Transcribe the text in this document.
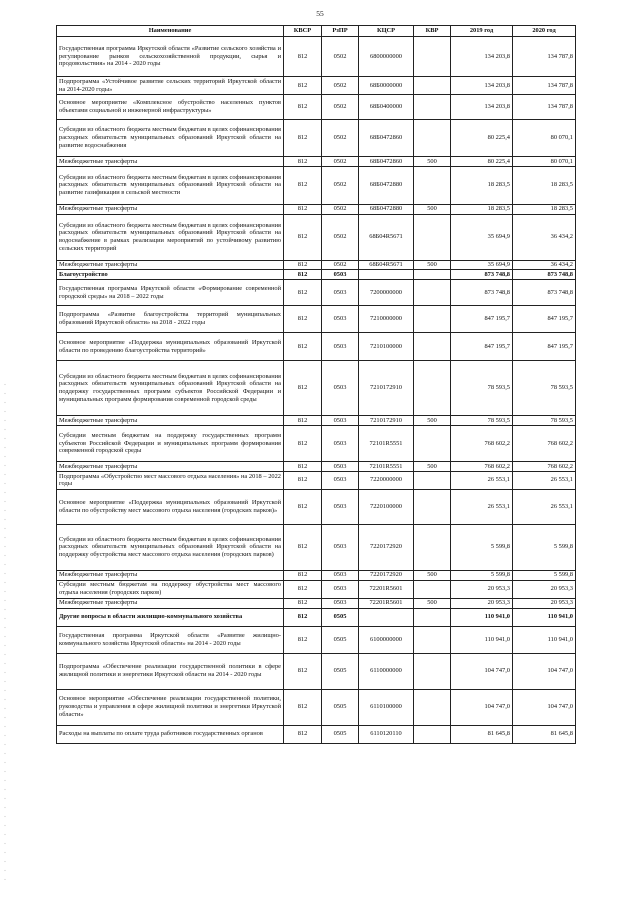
55
Наименование	КВСР	РзПР	КЦСР	КВР	2019 год	2020 год
Государственная программа Иркутской области «Развитие сельского хозяйства и регулирование рынков сельскохозяйственной продукции, сырья и продовольствия» на 2014 - 2020 годы	812	0502	6800000000		134 203,8	134 787,8
Подпрограмма «Устойчивое развитие сельских территорий Иркутской области на 2014-2020 годы»	812	0502	68Б0000000		134 203,8	134 787,8
Основное мероприятие «Комплексное обустройство населенных пунктов объектами социальной и инженерной инфраструктуры»	812	0502	68Б0400000		134 203,8	134 787,8
Субсидии из областного бюджета местным бюджетам в целях софинансирования расходных обязательств муниципальных образований Иркутской области на развитие водоснабжения	812	0502	68Б0472860		80 225,4	80 070,1
Межбюджетные трансферты	812	0502	68Б0472860	500	80 225,4	80 070,1
Субсидии из областного бюджета местным бюджетам в целях софинансирования расходных обязательств муниципальных образований Иркутской области на развитие газификации в сельской местности	812	0502	68Б0472880		18 283,5	18 283,5
Межбюджетные трансферты	812	0502	68Б0472880	500	18 283,5	18 283,5
Субсидии из областного бюджета местным бюджетам в целях софинансирования расходных обязательств муниципальных образований Иркутской области на водоснабжение в рамках реализации мероприятий по устойчивому развитию сельских территорий	812	0502	68Б04R5671		35 694,9	36 434,2
Межбюджетные трансферты	812	0502	68Б04R5671	500	35 694,9	36 434,2
Благоустройство	812	0503			873 748,8	873 748,8
Государственная программа Иркутской области «Формирование современной городской среды» на 2018 – 2022 годы	812	0503	7200000000		873 748,8	873 748,8
Подпрограмма «Развитие благоустройства территорий муниципальных образований Иркутской области» на 2018 - 2022 годы	812	0503	7210000000		847 195,7	847 195,7
Основное мероприятие «Поддержка муниципальных образований Иркутской области по проведению благоустройства территорий»	812	0503	7210100000		847 195,7	847 195,7
Субсидии из областного бюджета местным бюджетам в целях софинансирования расходных обязательств муниципальных образований Иркутской области на поддержку государственных программ субъектов Российской Федерации и муниципальных программ формирования современной городской среды	812	0503	7210172910		78 593,5	78 593,5
Межбюджетные трансферты	812	0503	7210172910	500	78 593,5	78 593,5
Субсидии местным бюджетам на поддержку государственных программ субъектов Российской Федерации и муниципальных программ формирования современной городской среды	812	0503	72101R5551		768 602,2	768 602,2
Межбюджетные трансферты	812	0503	72101R5551	500	768 602,2	768 602,2
Подпрограмма «Обустройство мест массового отдыха населения» на 2018 – 2022 годы	812	0503	7220000000		26 553,1	26 553,1
Основное мероприятие «Поддержка муниципальных образований Иркутской области по обустройству мест массового отдыха населения (городских парков)»	812	0503	7220100000		26 553,1	26 553,1
Субсидии из областного бюджета местным бюджетам в целях софинансирования расходных обязательств муниципальных образований Иркутской области на поддержку обустройства мест массового отдыха населения (городских парков)	812	0503	7220172920		5 599,8	5 599,8
Межбюджетные трансферты	812	0503	7220172920	500	5 599,8	5 599,8
Субсидии местным бюджетам на поддержку обустройства мест массового отдыха населения (городских парков)	812	0503	72201R5601		20 953,3	20 953,3
Межбюджетные трансферты	812	0503	72201R5601	500	20 953,3	20 953,3
Другие вопросы в области жилищно-коммунального хозяйства	812	0505			110 941,0	110 941,0
Государственная программа Иркутской области «Развитие жилищно-коммунального хозяйства Иркутской области» на 2014 - 2020 годы	812	0505	6100000000		110 941,0	110 941,0
Подпрограмма «Обеспечение реализации государственной политики в сфере жилищной политики и энергетики Иркутской области на 2014 - 2020 годы	812	0505	6110000000		104 747,0	104 747,0
Основное мероприятие «Обеспечение реализации государственной политики, руководства и управления в сфере жилищной политики и энергетики Иркутской области»	812	0505	6110100000		104 747,0	104 747,0
Расходы на выплаты по оплате труда работников государственных органов	812	0505	6110120110		81 645,8	81 645,8
